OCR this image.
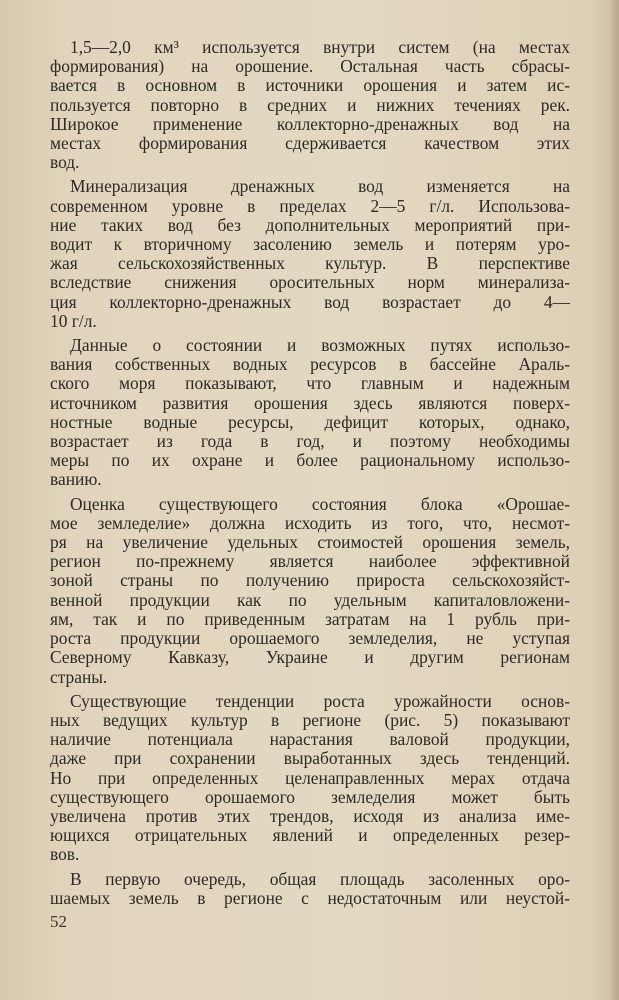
1,5—2,0 км³ используется внутри систем (на местах
формирования) на орошение. Остальная часть сбрасы-
вается в основном в источники орошения и затем ис-
пользуется повторно в средних и нижних течениях рек.
Широкое применение коллекторно-дренажных вод на
местах формирования сдерживается качеством этих
вод.
Минерализация дренажных вод изменяется на
современном уровне в пределах 2—5 г/л. Использова-
ние таких вод без дополнительных мероприятий при-
водит к вторичному засолению земель и потерям уро-
жая сельскохозяйственных культур. В перспективе
вследствие снижения оросительных норм минерализа-
ция коллекторно-дренажных вод возрастает до 4—
10 г/л.
Данные о состоянии и возможных путях использо-
вания собственных водных ресурсов в бассейне Араль-
ского моря показывают, что главным и надежным
источником развития орошения здесь являются поверх-
ностные водные ресурсы, дефицит которых, однако,
возрастает из года в год, и поэтому необходимы
меры по их охране и более рациональному использо-
ванию.
Оценка существующего состояния блока «Орошае-
мое земледелие» должна исходить из того, что, несмот-
ря на увеличение удельных стоимостей орошения земель,
регион по-прежнему является наиболее эффективной
зоной страны по получению прироста сельскохозяйст-
венной продукции как по удельным капиталовложени-
ям, так и по приведенным затратам на 1 рубль при-
роста продукции орошаемого земледелия, не уступая
Северному Кавказу, Украине и другим регионам
страны.
Существующие тенденции роста урожайности основ-
ных ведущих культур в регионе (рис. 5) показывают
наличие потенциала нарастания валовой продукции,
даже при сохранении выработанных здесь тенденций.
Но при определенных целенаправленных мерах отдача
существующего орошаемого земледелия может быть
увеличена против этих трендов, исходя из анализа име-
ющихся отрицательных явлений и определенных резер-
вов.
В первую очередь, общая площадь засоленных оро-
шаемых земель в регионе с недостаточным или неустой-
52
